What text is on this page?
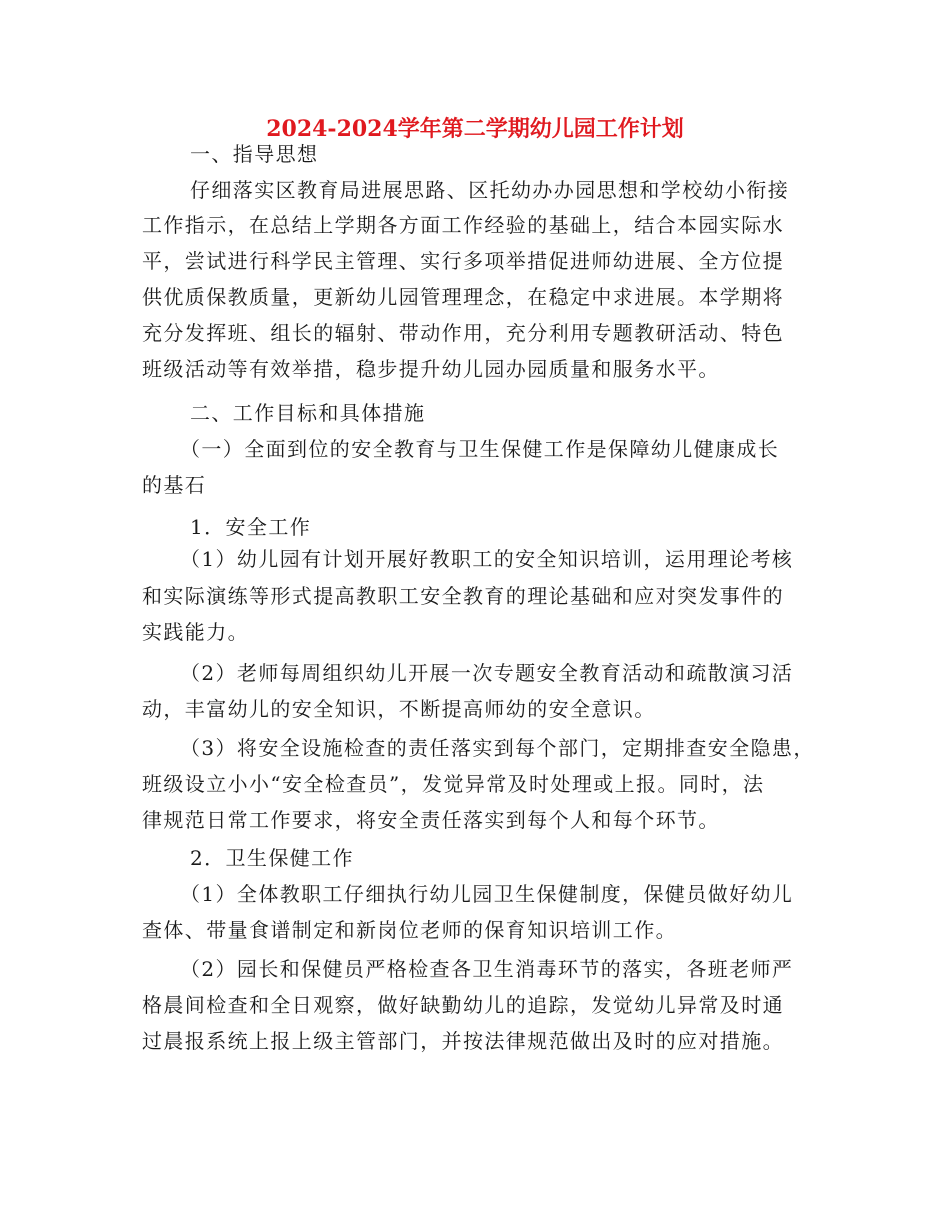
2024-2024学年第二学期幼儿园工作计划
一、指导思想
仔细落实区教育局进展思路、区托幼办办园思想和学校幼小衔接
工作指示，在总结上学期各方面工作经验的基础上，结合本园实际水
平，尝试进行科学民主管理、实行多项举措促进师幼进展、全方位提
供优质保教质量，更新幼儿园管理理念，在稳定中求进展。本学期将
充分发挥班、组长的辐射、带动作用，充分利用专题教研活动、特色
班级活动等有效举措，稳步提升幼儿园办园质量和服务水平。
二、工作目标和具体措施
（一）全面到位的安全教育与卫生保健工作是保障幼儿健康成长
的基石
1．安全工作
（1）幼儿园有计划开展好教职工的安全知识培训，运用理论考核
和实际演练等形式提高教职工安全教育的理论基础和应对突发事件的
实践能力。
（2）老师每周组织幼儿开展一次专题安全教育活动和疏散演习活
动，丰富幼儿的安全知识，不断提高师幼的安全意识。
（3）将安全设施检查的责任落实到每个部门，定期排查安全隐患，
班级设立小小“安全检查员”，发觉异常及时处理或上报。同时，法
律规范日常工作要求，将安全责任落实到每个人和每个环节。
2．卫生保健工作
（1）全体教职工仔细执行幼儿园卫生保健制度，保健员做好幼儿
查体、带量食谱制定和新岗位老师的保育知识培训工作。
（2）园长和保健员严格检查各卫生消毒环节的落实，各班老师严
格晨间检查和全日观察，做好缺勤幼儿的追踪，发觉幼儿异常及时通
过晨报系统上报上级主管部门，并按法律规范做出及时的应对措施。
